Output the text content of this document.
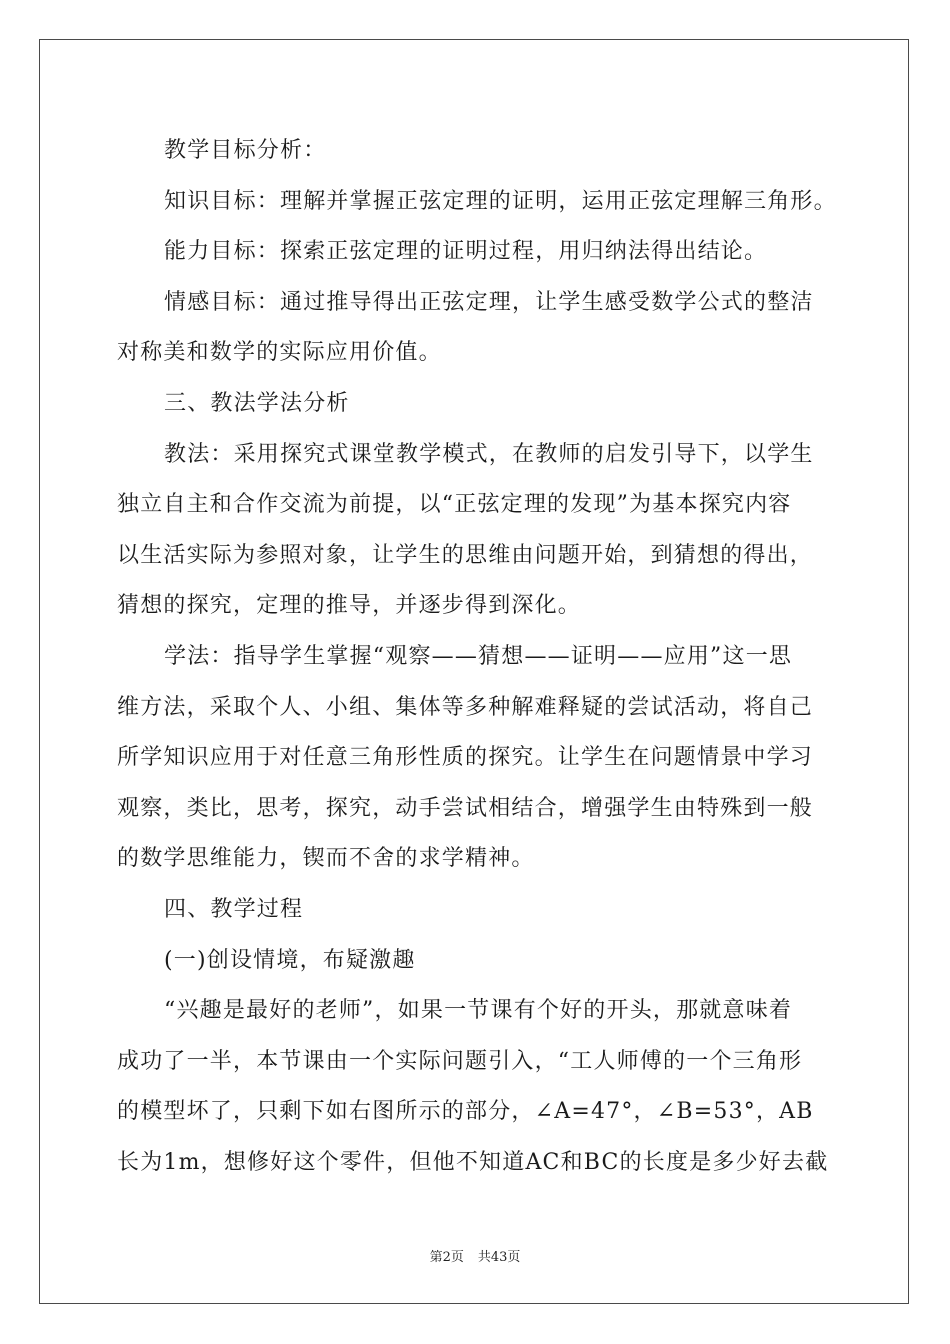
教学目标分析：
知识目标：理解并掌握正弦定理的证明，运用正弦定理解三角形。
能力目标：探索正弦定理的证明过程，用归纳法得出结论。
情感目标：通过推导得出正弦定理，让学生感受数学公式的整洁
对称美和数学的实际应用价值。
三、教法学法分析
教法：采用探究式课堂教学模式，在教师的启发引导下，以学生
独立自主和合作交流为前提，以“正弦定理的发现”为基本探究内容
以生活实际为参照对象，让学生的思维由问题开始，到猜想的得出，
猜想的探究，定理的推导，并逐步得到深化。
学法：指导学生掌握“观察——猜想——证明——应用”这一思
维方法，采取个人、小组、集体等多种解难释疑的尝试活动，将自己
所学知识应用于对任意三角形性质的探究。让学生在问题情景中学习
观察，类比，思考，探究，动手尝试相结合，增强学生由特殊到一般
的数学思维能力，锲而不舍的求学精神。
四、教学过程
(一)创设情境，布疑激趣
“兴趣是最好的老师”，如果一节课有个好的开头，那就意味着
成功了一半，本节课由一个实际问题引入，“工人师傅的一个三角形
的模型坏了，只剩下如右图所示的部分，∠A=47°，∠B=53°，AB
长为1m，想修好这个零件，但他不知道AC和BC的长度是多少好去截
第2页 共43页
